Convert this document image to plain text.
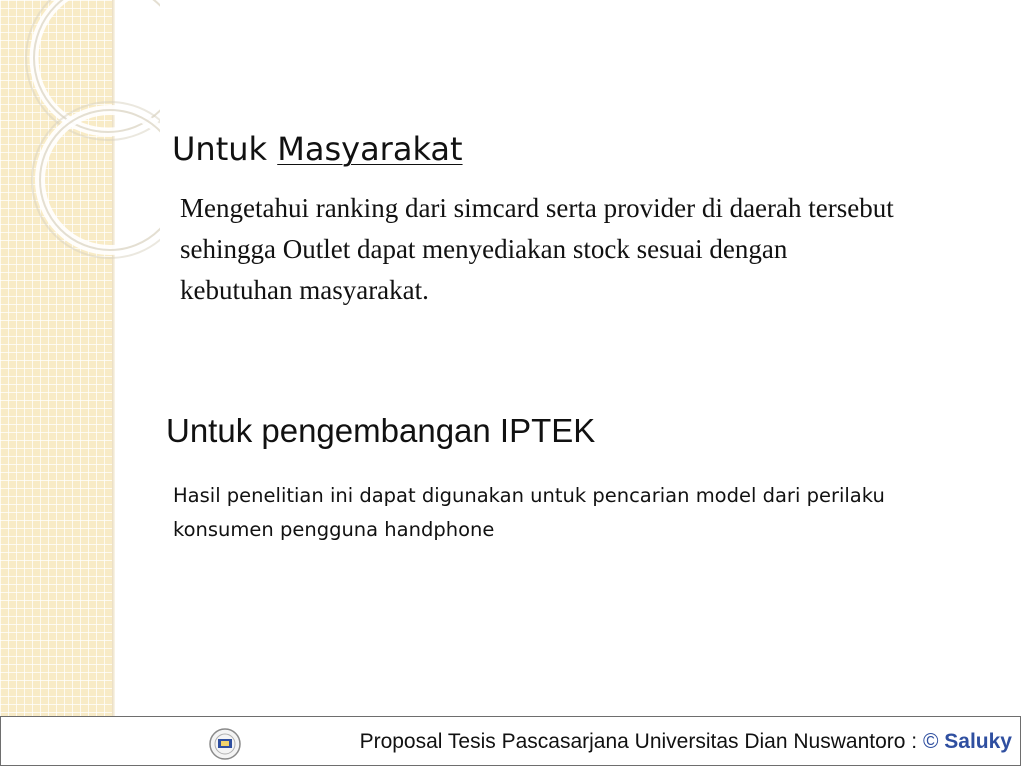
Untuk Masyarakat

Mengetahui ranking dari simcard serta provider di daerah tersebut sehingga Outlet dapat menyediakan stock sesuai dengan kebutuhan masyarakat.

Untuk pengembangan IPTEK

Hasil penelitian ini dapat digunakan untuk pencarian model dari perilaku konsumen pengguna handphone

Proposal Tesis Pascasarjana Universitas Dian Nuswantoro : © Saluky
